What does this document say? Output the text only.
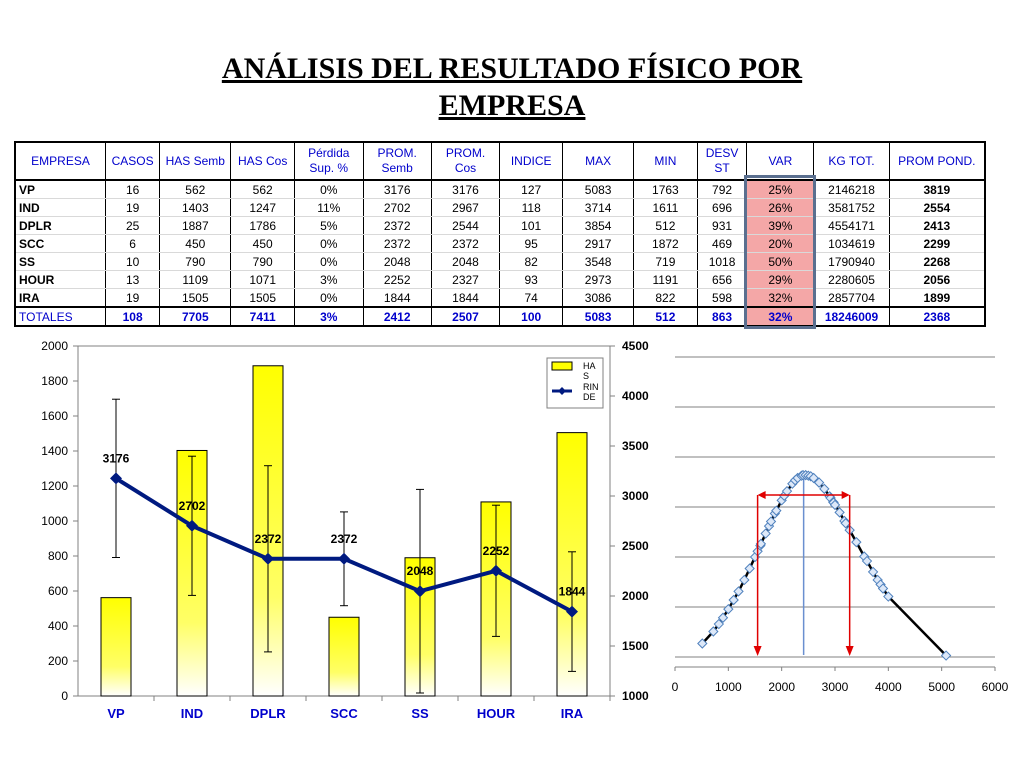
ANÁLISIS DEL RESULTADO FÍSICO POR
EMPRESA
EMPRESA	CASOS	HAS Semb	HAS Cos	Pérdida Sup. %	PROM. Semb	PROM. Cos	INDICE	MAX	MIN	DESV ST	VAR	KG TOT.	PROM POND.
VP	16	562	562	0%	3176	3176	127	5083	1763	792	25%	2146218	3819
IND	19	1403	1247	11%	2702	2967	118	3714	1611	696	26%	3581752	2554
DPLR	25	1887	1786	5%	2372	2544	101	3854	512	931	39%	4554171	2413
SCC	6	450	450	0%	2372	2372	95	2917	1872	469	20%	1034619	2299
SS	10	790	790	0%	2048	2048	82	3548	719	1018	50%	1790940	2268
HOUR	13	1109	1071	3%	2252	2327	93	2973	1191	656	29%	2280605	2056
IRA	19	1505	1505	0%	1844	1844	74	3086	822	598	32%	2857704	1899
TOTALES	108	7705	7411	3%	2412	2507	100	5083	512	863	32%	18246009	2368
0
200
400
600
800
1000
1200
1400
1600
1800
2000
1000
1500
2000
2500
3000
3500
4000
4500
VP	IND	DPLR	SCC	SS	HOUR	IRA
3176
2702
2372	2372
2048
2252
1844
HA
S
RIN
DE
0	1000 2000 3000 4000 5000 6000
